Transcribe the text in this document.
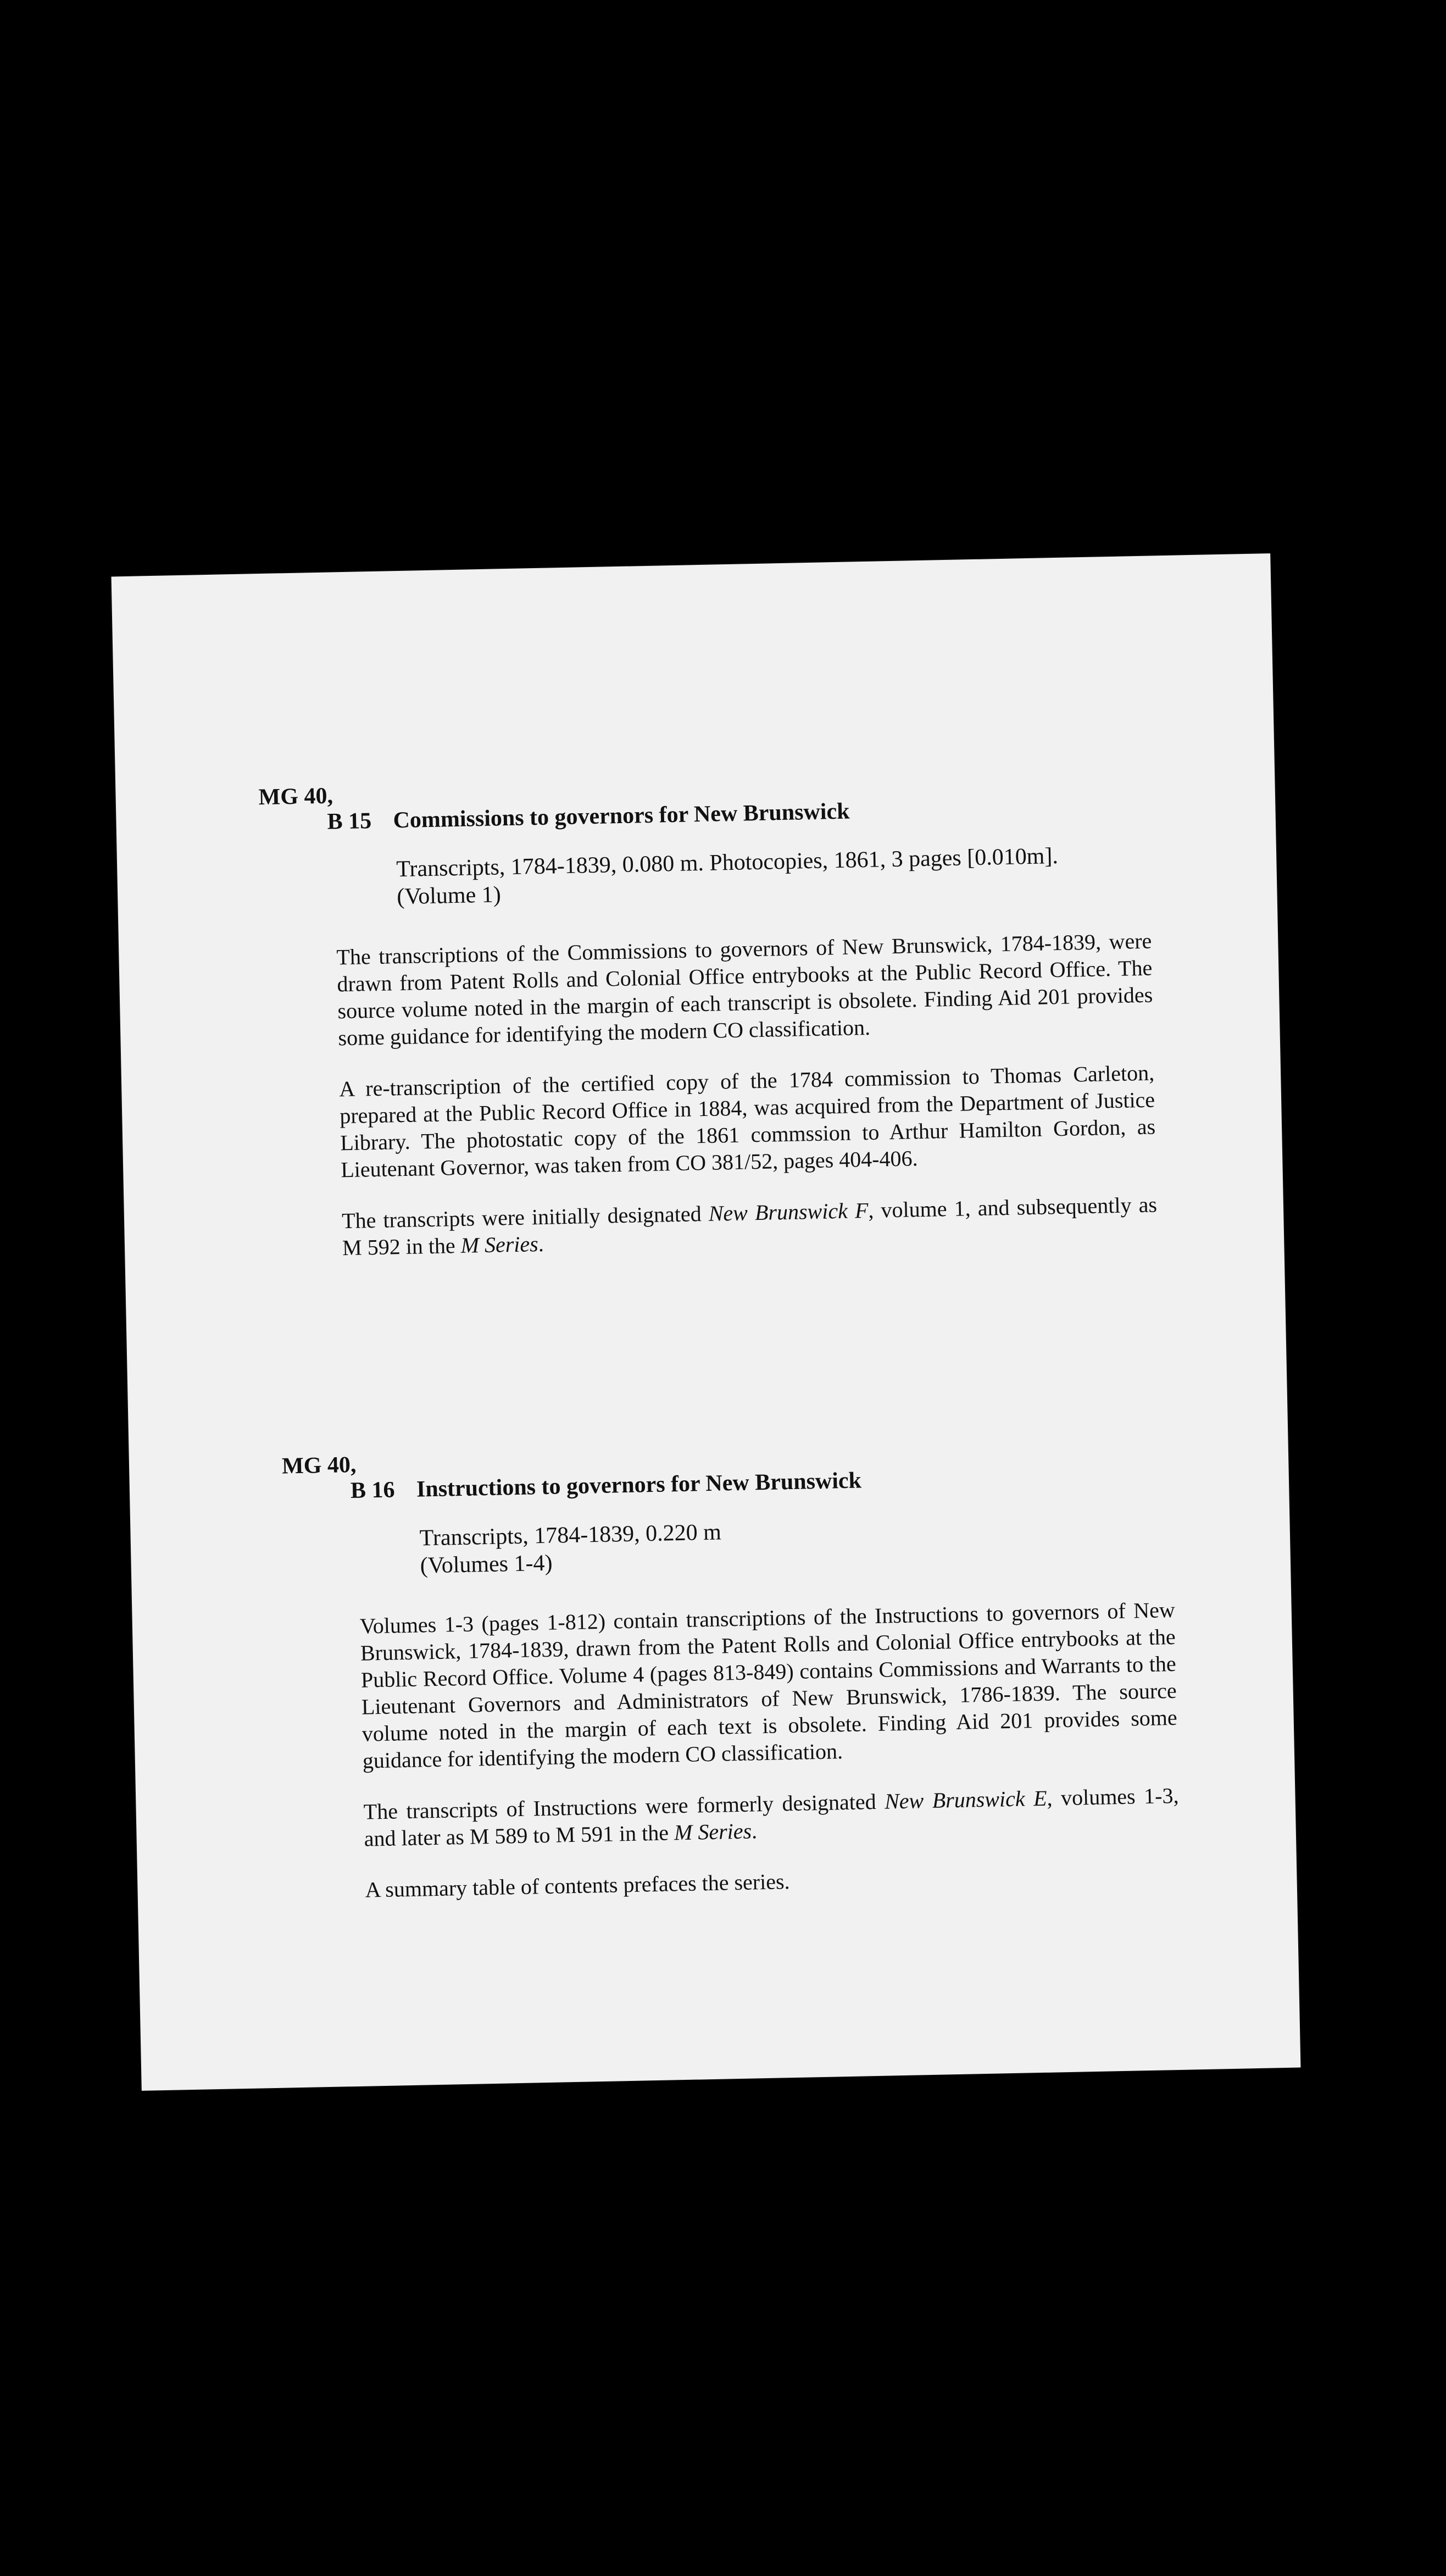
MG 40,
B 15 Commissions to governors for New Brunswick
Transcripts, 1784-1839, 0.080 m. Photocopies, 1861, 3 pages [0.010m].
(Volume 1)

The transcriptions of the Commissions to governors of New Brunswick, 1784-1839, were drawn from Patent Rolls and Colonial Office entrybooks at the Public Record Office. The source volume noted in the margin of each transcript is obsolete. Finding Aid 201 provides some guidance for identifying the modern CO classification.

A re-transcription of the certified copy of the 1784 commission to Thomas Carleton, prepared at the Public Record Office in 1884, was acquired from the Department of Justice Library. The photostatic copy of the 1861 commssion to Arthur Hamilton Gordon, as Lieutenant Governor, was taken from CO 381/52, pages 404-406.

The transcripts were initially designated New Brunswick F, volume 1, and subsequently as M 592 in the M Series.

MG 40,
B 16 Instructions to governors for New Brunswick
Transcripts, 1784-1839, 0.220 m
(Volumes 1-4)

Volumes 1-3 (pages 1-812) contain transcriptions of the Instructions to governors of New Brunswick, 1784-1839, drawn from the Patent Rolls and Colonial Office entrybooks at the Public Record Office. Volume 4 (pages 813-849) contains Commissions and Warrants to the Lieutenant Governors and Administrators of New Brunswick, 1786-1839. The source volume noted in the margin of each text is obsolete. Finding Aid 201 provides some guidance for identifying the modern CO classification.

The transcripts of Instructions were formerly designated New Brunswick E, volumes 1-3, and later as M 589 to M 591 in the M Series.

A summary table of contents prefaces the series.
